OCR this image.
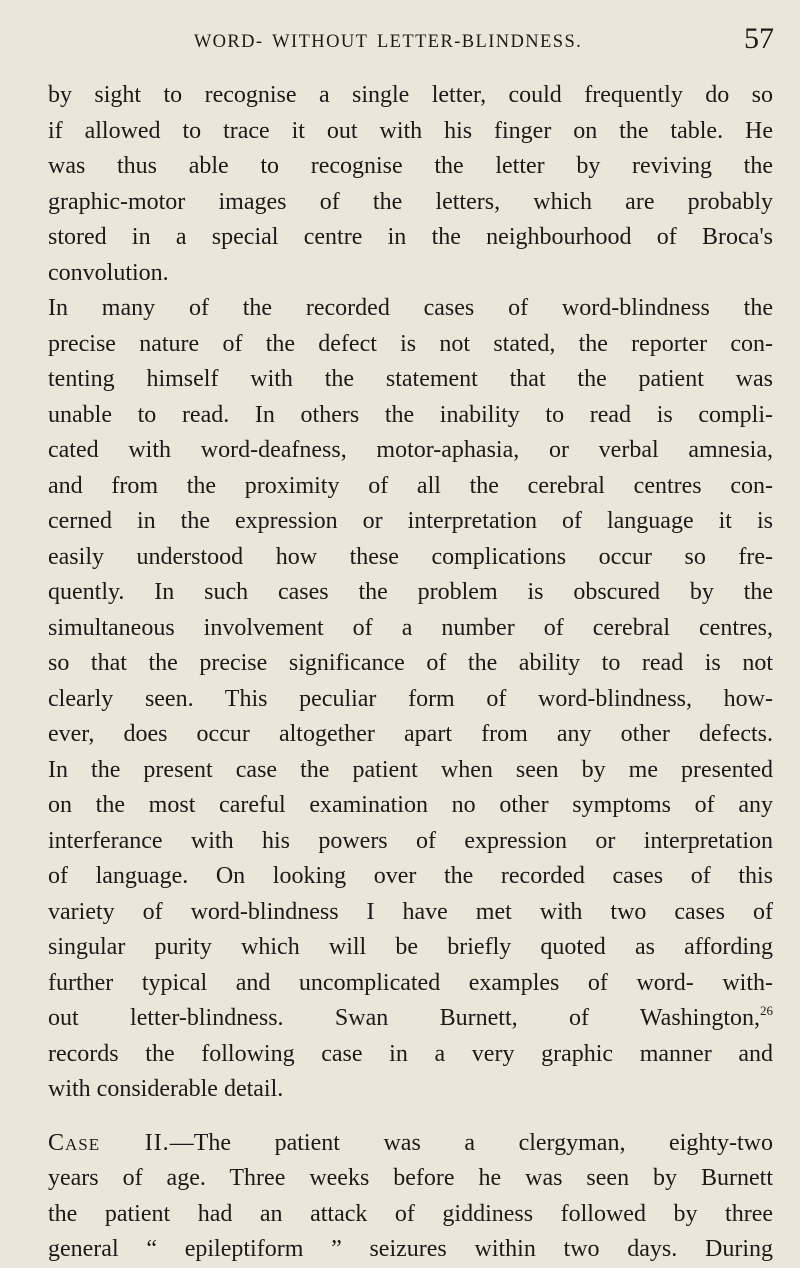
WORD- WITHOUT LETTER-BLINDNESS.	57
by sight to recognise a single letter, could frequently do so
if allowed to trace it out with his finger on the table. He
was thus able to recognise the letter by reviving the
graphic-motor images of the letters, which are probably
stored in a special centre in the neighbourhood of Broca's
convolution.
In many of the recorded cases of word-blindness the
precise nature of the defect is not stated, the reporter con-
tenting himself with the statement that the patient was
unable to read. In others the inability to read is compli-
cated with word-deafness, motor-aphasia, or verbal amnesia,
and from the proximity of all the cerebral centres con-
cerned in the expression or interpretation of language it is
easily understood how these complications occur so fre-
quently. In such cases the problem is obscured by the
simultaneous involvement of a number of cerebral centres,
so that the precise significance of the ability to read is not
clearly seen. This peculiar form of word-blindness, how-
ever, does occur altogether apart from any other defects.
In the present case the patient when seen by me presented
on the most careful examination no other symptoms of any
interferance with his powers of expression or interpretation
of language. On looking over the recorded cases of this
variety of word-blindness I have met with two cases of
singular purity which will be briefly quoted as affording
further typical and uncomplicated examples of word- with-
out letter-blindness. Swan Burnett, of Washington,$^{26}$
records the following case in a very graphic manner and
with considerable detail.
Case II.—The patient was a clergyman, eighty-two
years of age. Three weeks before he was seen by Burnett
the patient had an attack of giddiness followed by three
general “ epileptiform ” seizures within two days. During
